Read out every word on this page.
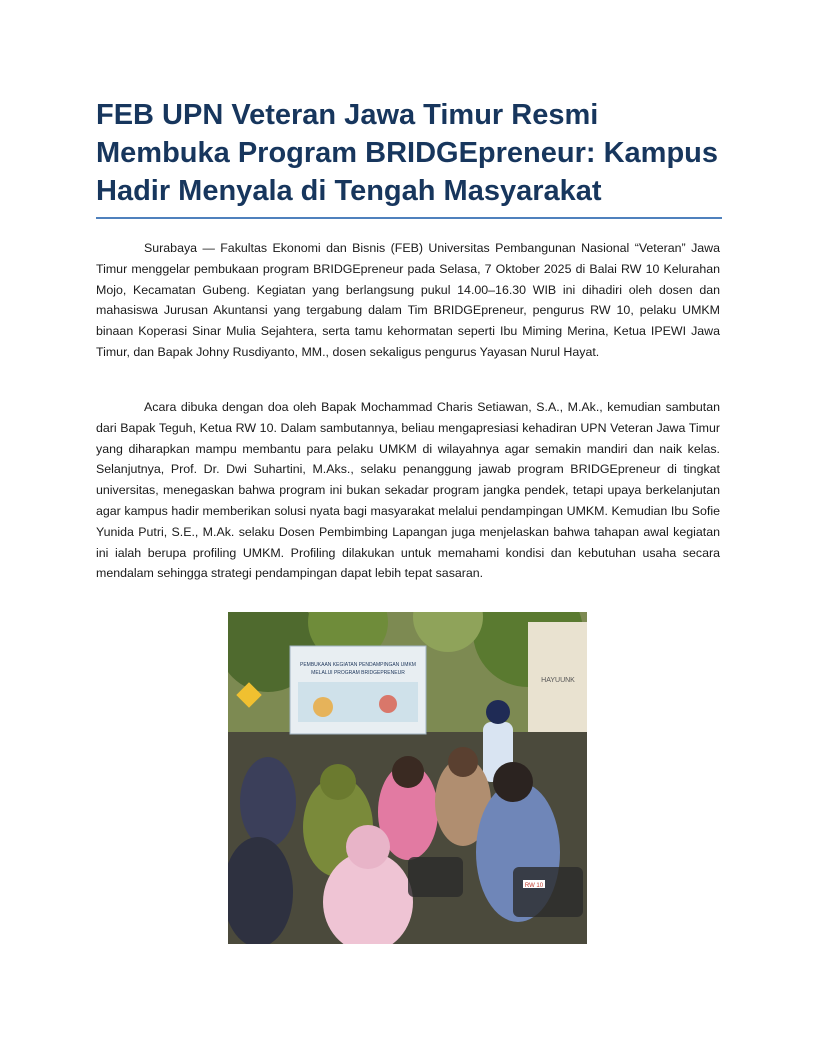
FEB UPN Veteran Jawa Timur Resmi Membuka Program BRIDGEpreneur: Kampus Hadir Menyala di Tengah Masyarakat

Surabaya — Fakultas Ekonomi dan Bisnis (FEB) Universitas Pembangunan Nasional “Veteran” Jawa Timur menggelar pembukaan program BRIDGEpreneur pada Selasa, 7 Oktober 2025 di Balai RW 10 Kelurahan Mojo, Kecamatan Gubeng. Kegiatan yang berlangsung pukul 14.00–16.30 WIB ini dihadiri oleh dosen dan mahasiswa Jurusan Akuntansi yang tergabung dalam Tim BRIDGEpreneur, pengurus RW 10, pelaku UMKM binaan Koperasi Sinar Mulia Sejahtera, serta tamu kehormatan seperti Ibu Miming Merina, Ketua IPEWI Jawa Timur, dan Bapak Johny Rusdiyanto, MM., dosen sekaligus pengurus Yayasan Nurul Hayat.

Acara dibuka dengan doa oleh Bapak Mochammad Charis Setiawan, S.A., M.Ak., kemudian sambutan dari Bapak Teguh, Ketua RW 10. Dalam sambutannya, beliau mengapresiasi kehadiran UPN Veteran Jawa Timur yang diharapkan mampu membantu para pelaku UMKM di wilayahnya agar semakin mandiri dan naik kelas. Selanjutnya, Prof. Dr. Dwi Suhartini, M.Aks., selaku penanggung jawab program BRIDGEpreneur di tingkat universitas, menegaskan bahwa program ini bukan sekadar program jangka pendek, tetapi upaya berkelanjutan agar kampus hadir memberikan solusi nyata bagi masyarakat melalui pendampingan UMKM. Kemudian Ibu Sofie Yunida Putri, S.E., M.Ak. selaku Dosen Pembimbing Lapangan juga menjelaskan bahwa tahapan awal kegiatan ini ialah berupa profiling UMKM. Profiling dilakukan untuk memahami kondisi dan kebutuhan usaha secara mendalam sehingga strategi pendampingan dapat lebih tepat sasaran.

PEMBUKAAN KEGIATAN PENDAMPINGAN UMKM
MELALUI PROGRAM BRIDGEPRENEUR
HAYUUNK
RW 10
